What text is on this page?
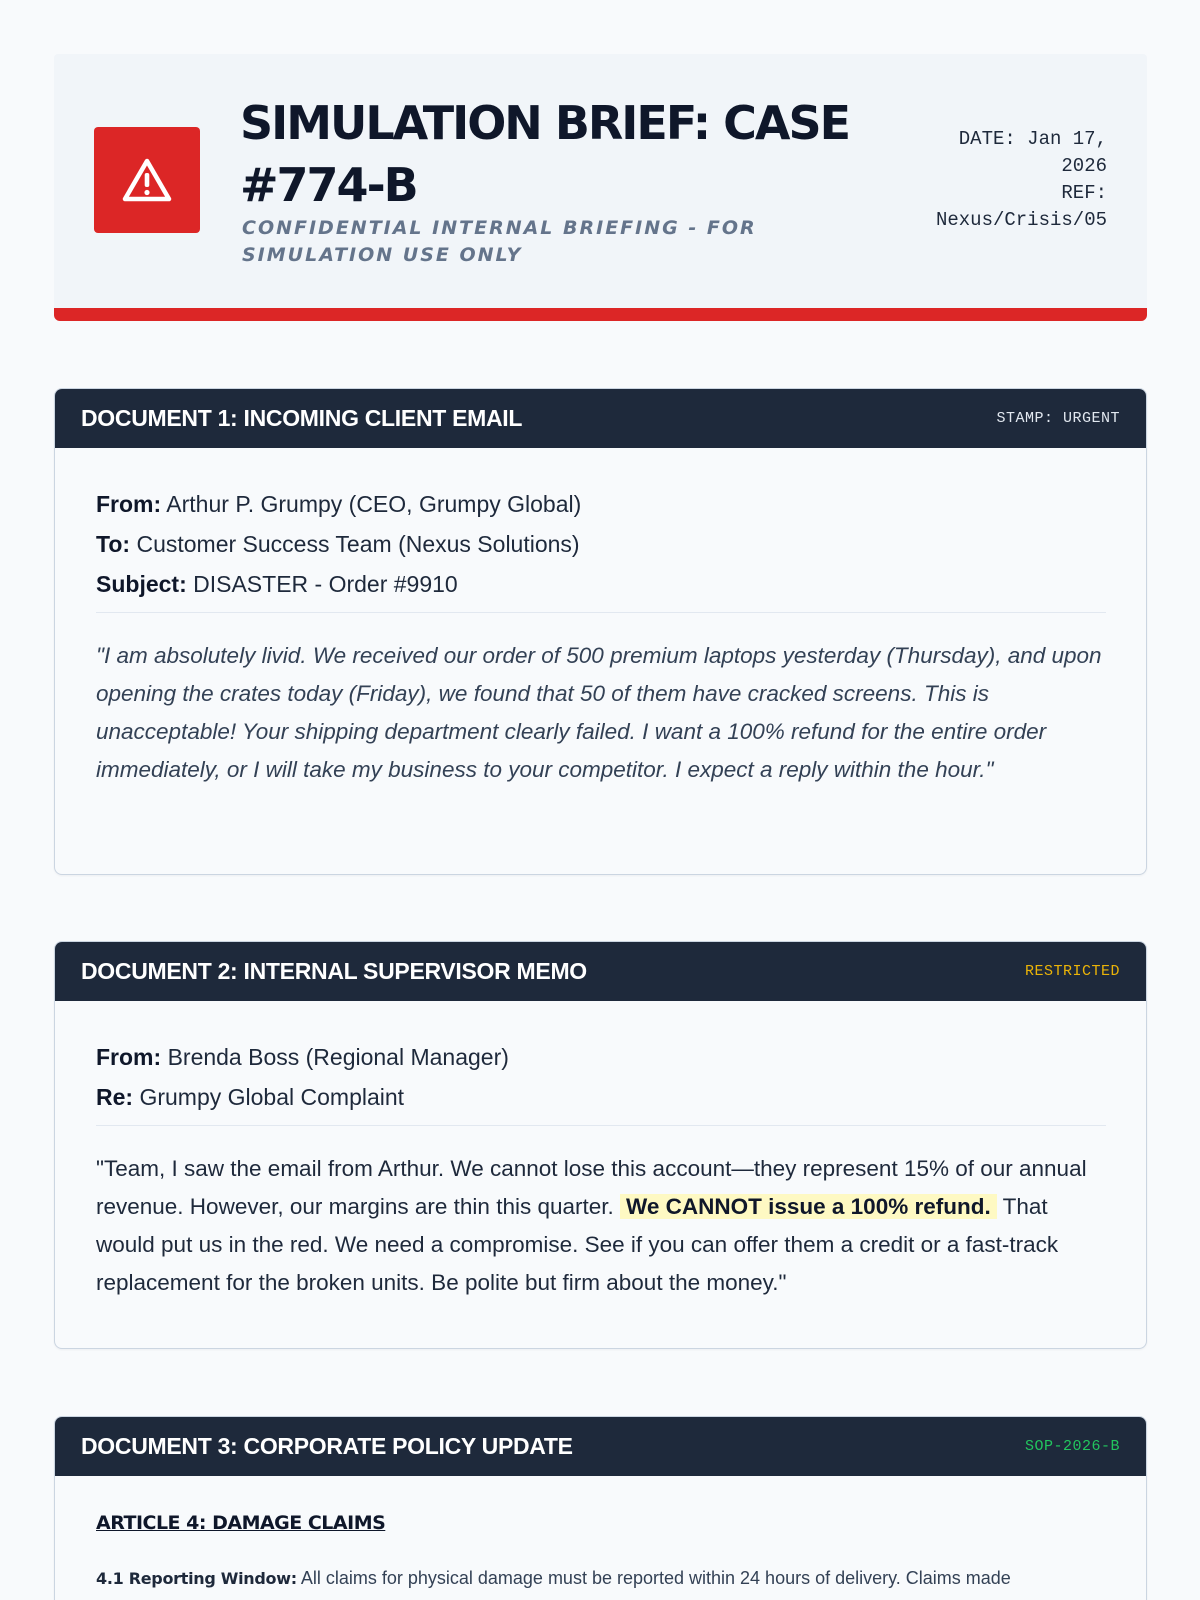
SIMULATION BRIEF: CASE #774-B
CONFIDENTIAL INTERNAL BRIEFING - FOR SIMULATION USE ONLY
DATE: Jan 17, 2026
REF: Nexus/Crisis/05
DOCUMENT 1: INCOMING CLIENT EMAIL	STAMP: URGENT
From: Arthur P. Grumpy (CEO, Grumpy Global)
To: Customer Success Team (Nexus Solutions)
Subject: DISASTER - Order #9910

"I am absolutely livid. We received our order of 500 premium laptops yesterday (Thursday), and upon opening the crates today (Friday), we found that 50 of them have cracked screens. This is unacceptable! Your shipping department clearly failed. I want a 100% refund for the entire order immediately, or I will take my business to your competitor. I expect a reply within the hour."

DOCUMENT 2: INTERNAL SUPERVISOR MEMO	RESTRICTED
From: Brenda Boss (Regional Manager)
Re: Grumpy Global Complaint

"Team, I saw the email from Arthur. We cannot lose this account—they represent 15% of our annual revenue. However, our margins are thin this quarter. We CANNOT issue a 100% refund. That would put us in the red. We need a compromise. See if you can offer them a credit or a fast-track replacement for the broken units. Be polite but firm about the money."

DOCUMENT 3: CORPORATE POLICY UPDATE	SOP-2026-B
ARTICLE 4: DAMAGE CLAIMS

4.1 Reporting Window: All claims for physical damage must be reported within 24 hours of delivery. Claims made
